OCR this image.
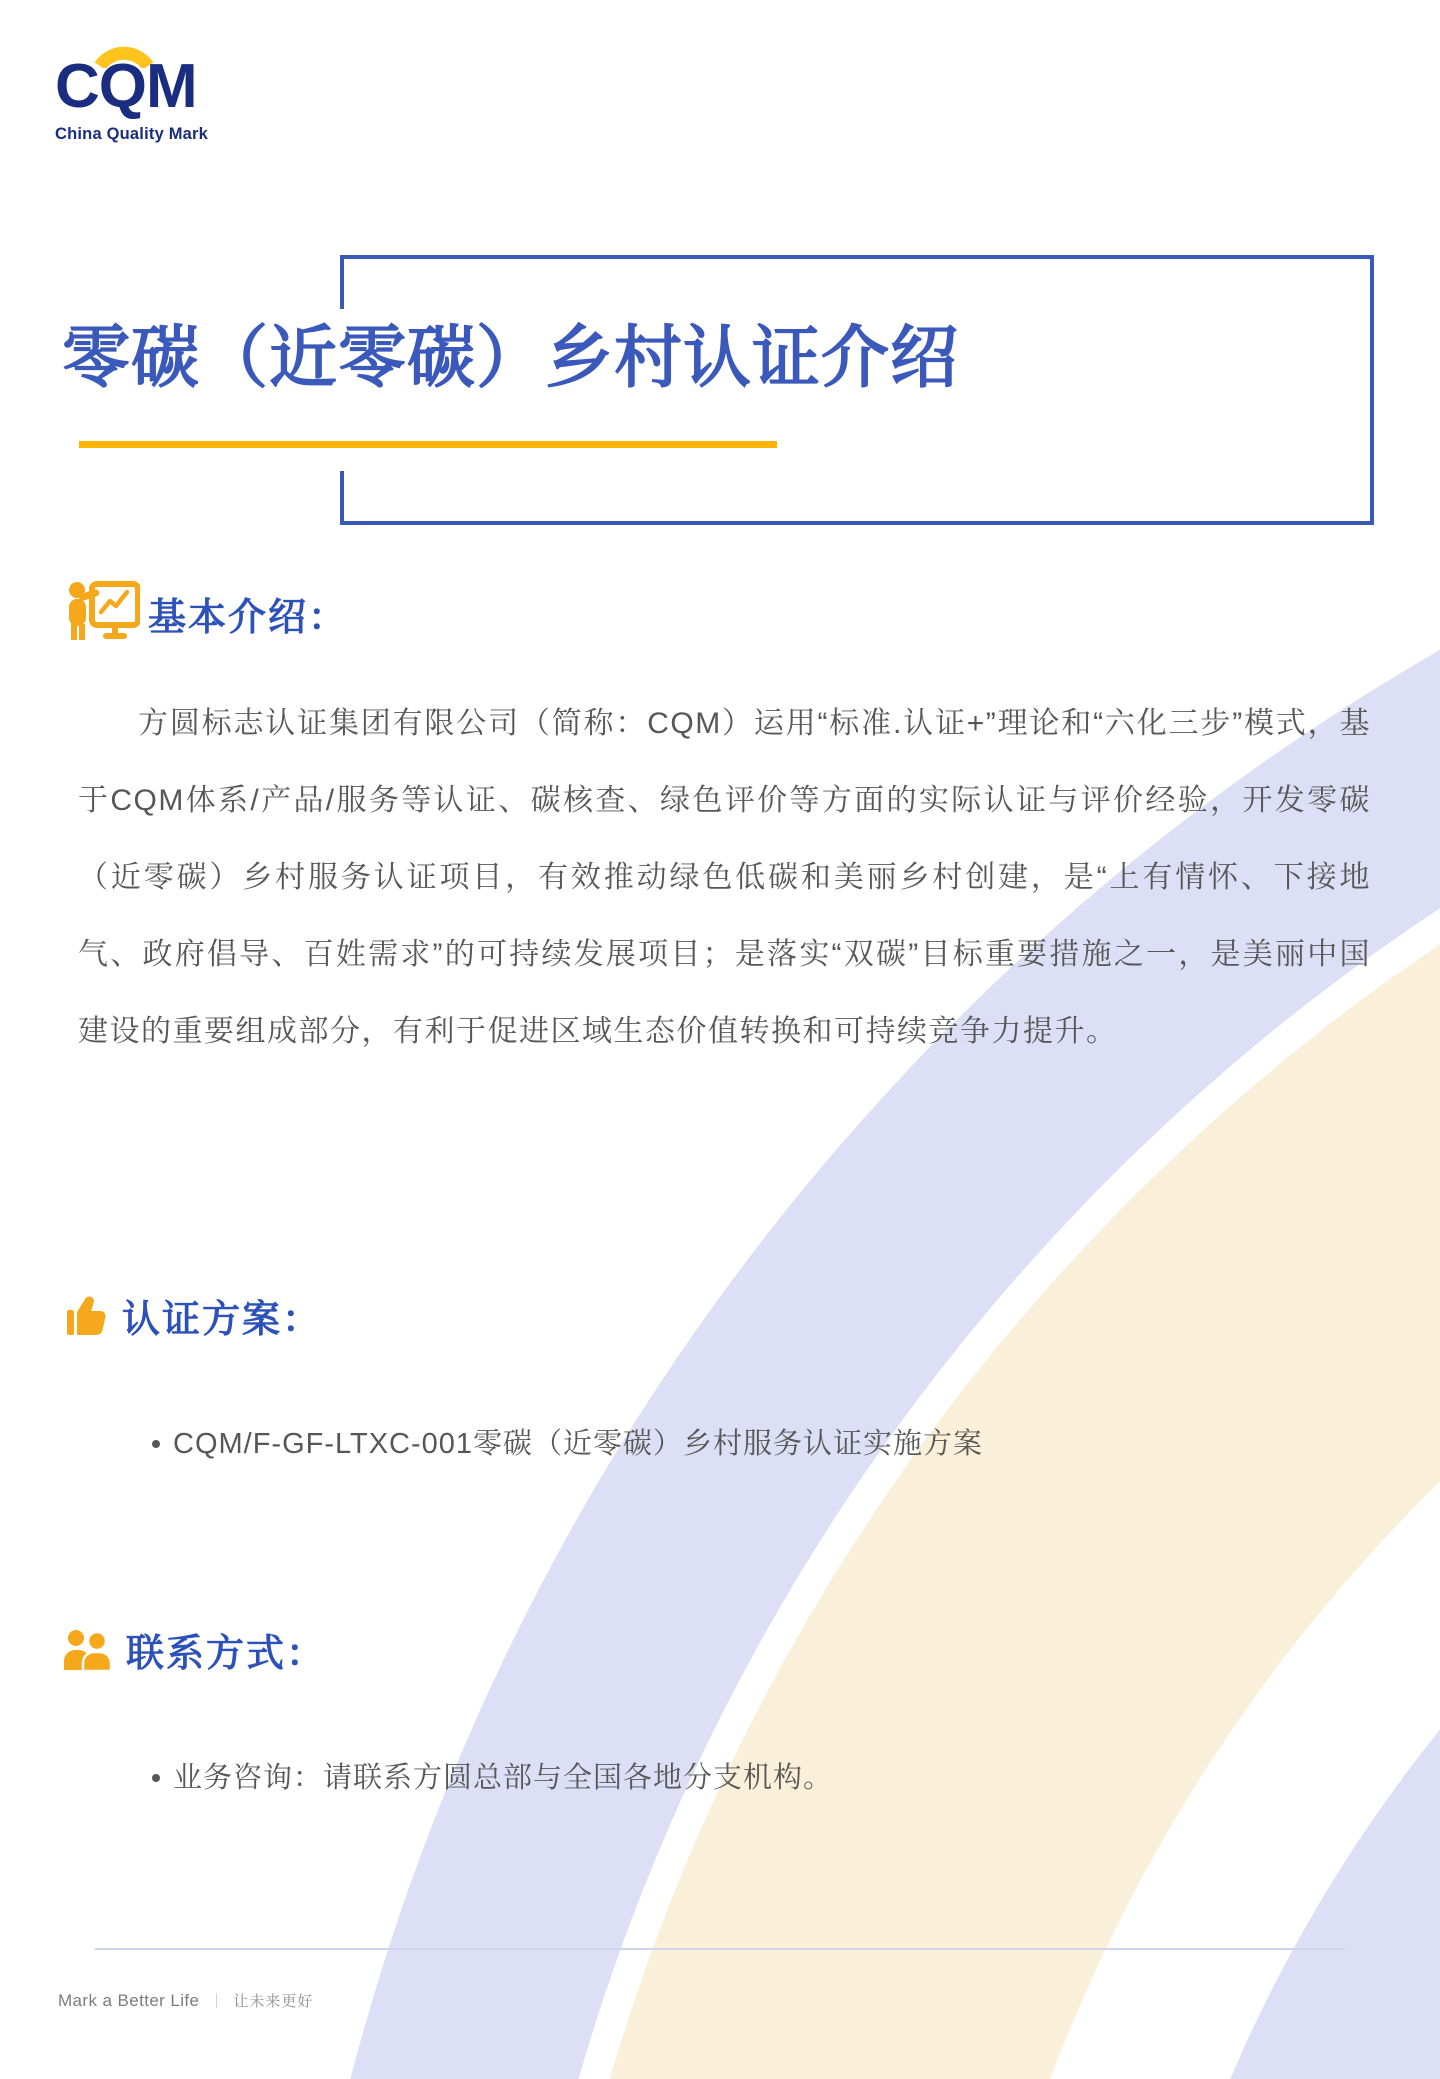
CQM
China Quality Mark
零碳（近零碳）乡村认证介绍
基本介绍：
方圆标志认证集团有限公司（简称：CQM）运用“标准.认证+”理论和“六化三步”模式，基于CQM体系/产品/服务等认证、碳核查、绿色评价等方面的实际认证与评价经验，开发零碳（近零碳）乡村服务认证项目，有效推动绿色低碳和美丽乡村创建，是“上有情怀、下接地气、政府倡导、百姓需求”的可持续发展项目；是落实“双碳”目标重要措施之一，是美丽中国建设的重要组成部分，有利于促进区域生态价值转换和可持续竞争力提升。
认证方案：
CQM/F-GF-LTXC-001零碳（近零碳）乡村服务认证实施方案
联系方式：
业务咨询：请联系方圆总部与全国各地分支机构。
Mark a Better Life ｜ 让未来更好
